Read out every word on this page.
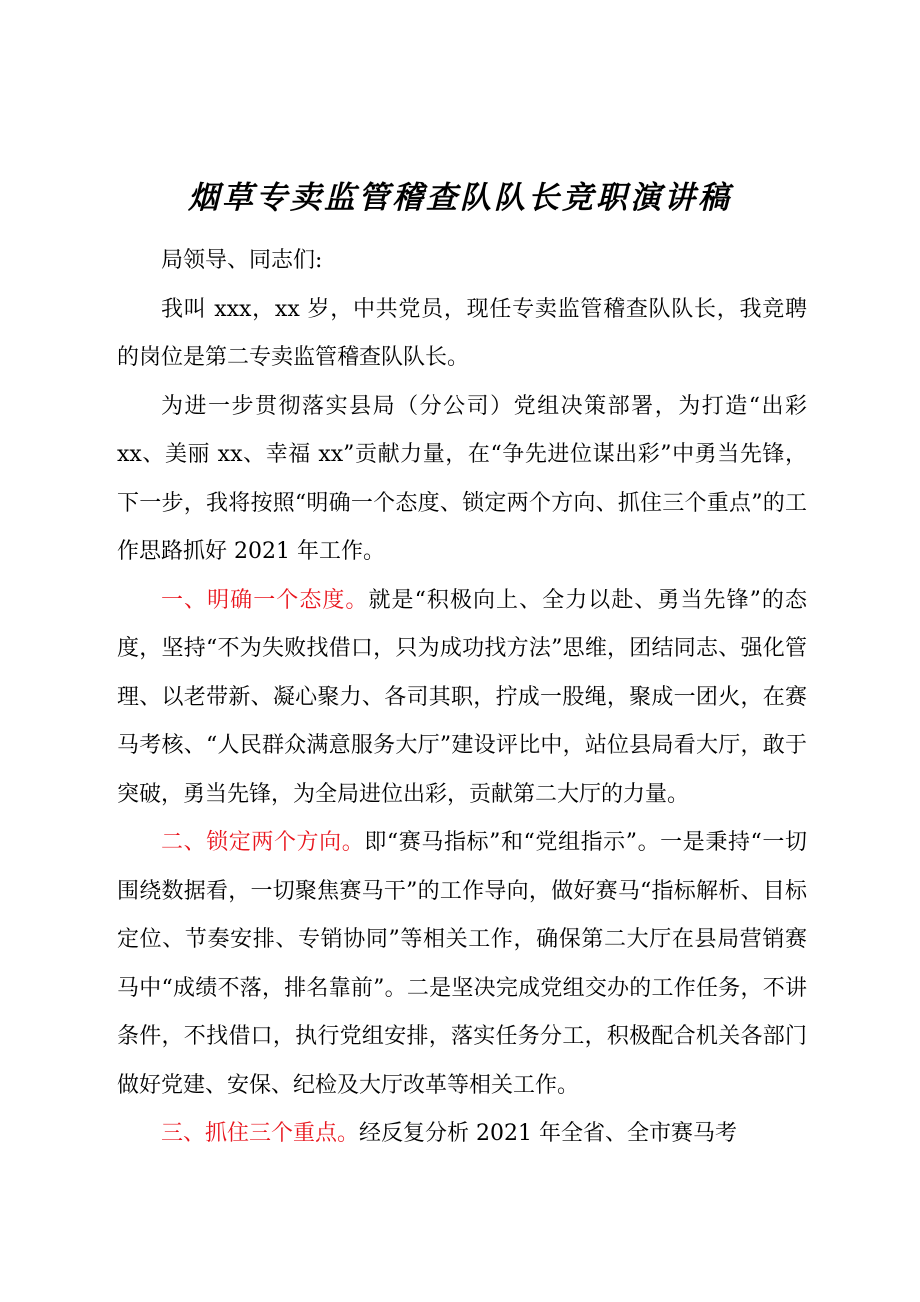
烟草专卖监管稽查队队长竞职演讲稿

局领导、同志们:

我叫 xxx，xx 岁，中共党员，现任专卖监管稽查队队长，我竞聘的岗位是第二专卖监管稽查队队长。

为进一步贯彻落实县局（分公司）党组决策部署，为打造“出彩 xx、美丽 xx、幸福 xx”贡献力量，在“争先进位谋出彩”中勇当先锋，下一步，我将按照“明确一个态度、锁定两个方向、抓住三个重点”的工作思路抓好 2021 年工作。

一、明确一个态度。就是“积极向上、全力以赴、勇当先锋”的态度，坚持“不为失败找借口，只为成功找方法”思维，团结同志、强化管理、以老带新、凝心聚力、各司其职，拧成一股绳，聚成一团火，在赛马考核、“人民群众满意服务大厅”建设评比中，站位县局看大厅，敢于突破，勇当先锋，为全局进位出彩，贡献第二大厅的力量。

二、锁定两个方向。即“赛马指标”和“党组指示”。一是秉持“一切围绕数据看，一切聚焦赛马干”的工作导向，做好赛马“指标解析、目标定位、节奏安排、专销协同”等相关工作，确保第二大厅在县局营销赛马中“成绩不落，排名靠前”。二是坚决完成党组交办的工作任务，不讲条件，不找借口，执行党组安排，落实任务分工，积极配合机关各部门做好党建、安保、纪检及大厅改革等相关工作。

三、抓住三个重点。经反复分析 2021 年全省、全市赛马考
